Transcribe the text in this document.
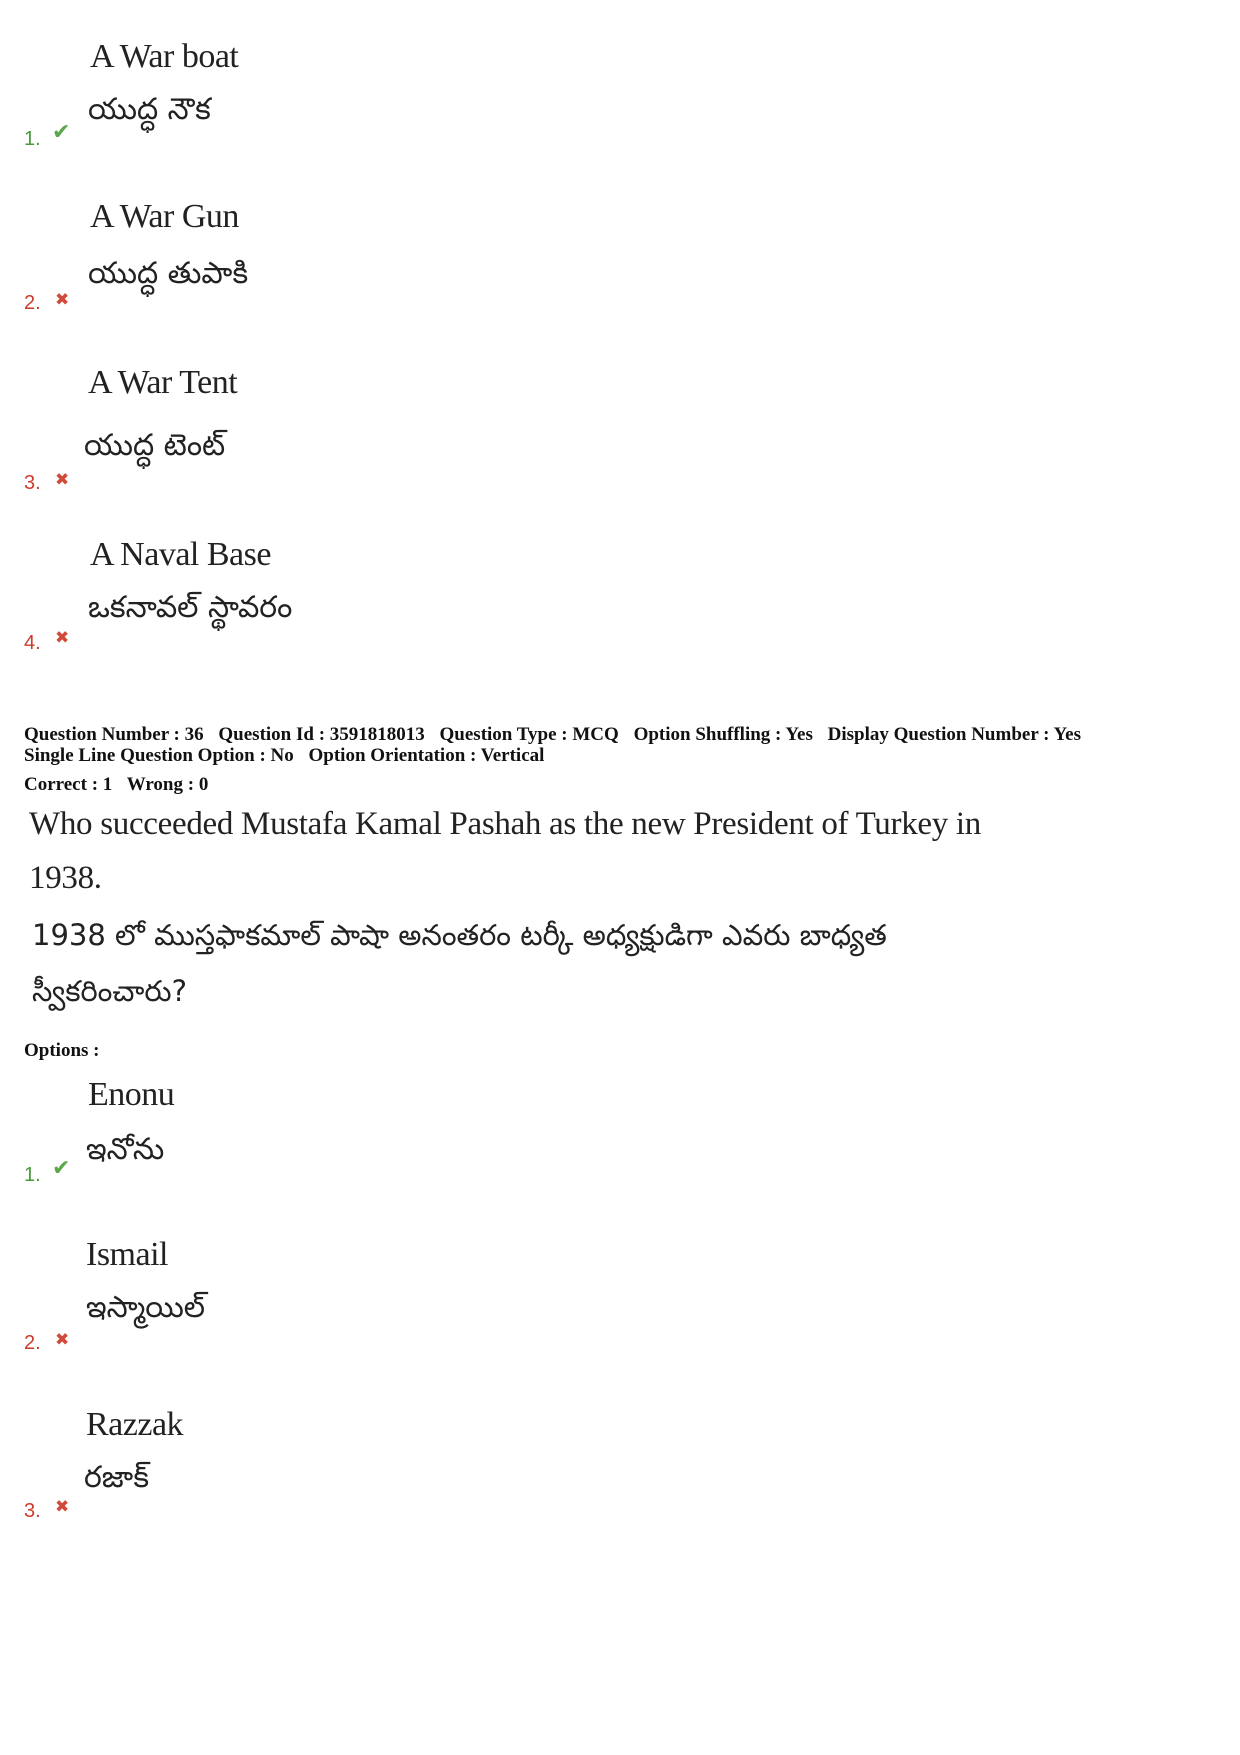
A War boat
యుద్ధ నౌక
1. ✔
A War Gun
యుద్ధ తుపాకి
2. ✖
A War Tent
యుద్ధ టెంట్
3. ✖
A Naval Base
ఒకనావల్ స్థావరం
4. ✖
Question Number : 36 Question Id : 3591818013 Question Type : MCQ Option Shuffling : Yes Display Question Number : Yes
Single Line Question Option : No Option Orientation : Vertical
Correct : 1 Wrong : 0
Who succeeded Mustafa Kamal Pashah as the new President of Turkey in
1938.
1938 లో ముస్తఫాకమాల్ పాషా అనంతరం టర్కీ అధ్యక్షుడిగా ఎవరు బాధ్యత
స్వీకరించారు?
Options :
Enonu
ఇనోను
1. ✔
Ismail
ఇస్మాయిల్
2. ✖
Razzak
రజాక్
3. ✖
